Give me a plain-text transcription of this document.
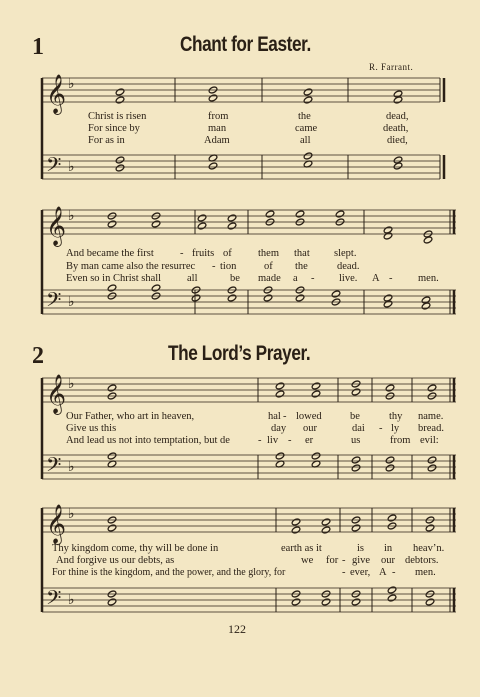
𝄞 ♭
𝄢 ♭
𝄞 ♭
𝄢 ♭
𝄞 ♭
𝄢 ♭
𝄞 ♭
𝄢 ♭
1	Chant for Easter.
R. Farrant.
Christ is risen	from	the	dead,
For since by	man	came	death,
For as in	Adam	all	died,
And became the first - fruits of	them that slept.
By man came also the resurrec - tion	of the	dead.
Even so in Christ shall all	be made a - live. A - men.
2	The Lord’s Prayer.
Our Father, who art in heaven,	hal - lowed	be	thy name.
Give us this	day our	dai - ly bread.
And lead us not into temptation, but de	- liv - er	us	from evil:
Thy kingdom come, thy will be done in	earth as it	is in heav’n.
And forgive us our debts, as	we for - give our debtors.
For thine is the kingdom, and the power, and the glory, for	- ever, A - men.
122
